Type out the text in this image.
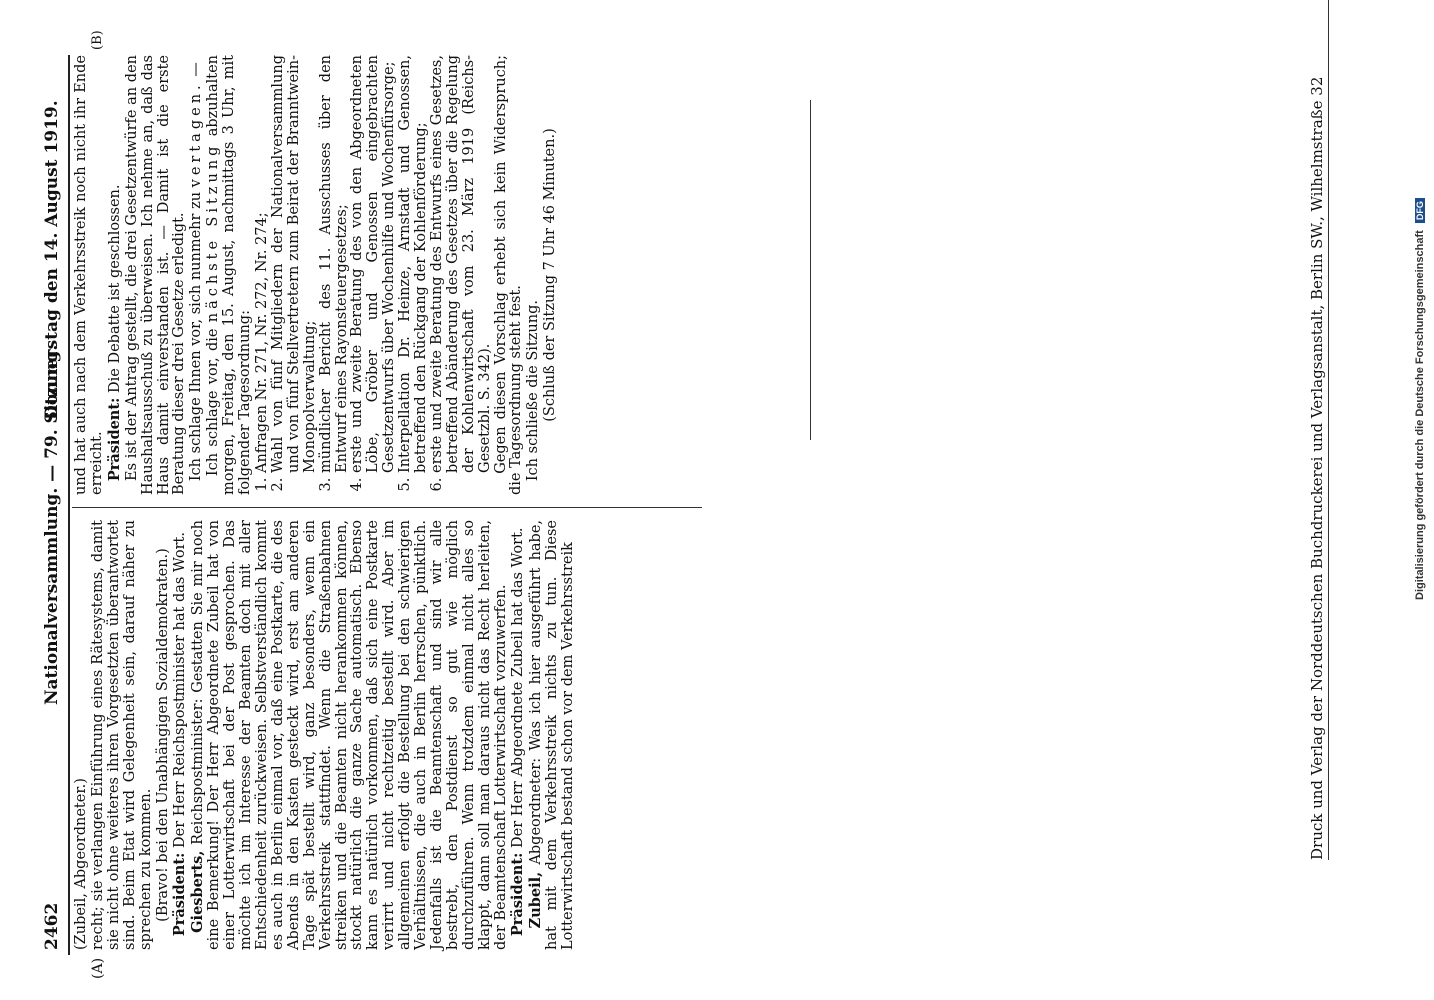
2462
Nationalversammlung. — 79. Sitzung.
Donnerstag den 14. August 1919.
(A)
(B)

(Zubeil, Abgeordneter.) recht; sie verlangen Einführung eines Rätesystems, damit sie nicht ohne weiteres ihren Vorgesetzten überantwortet sind. Beim Etat wird Gelegenheit sein, darauf näher zu sprechen zu kommen. (Bravo! bei den Unabhängigen Sozialdemokraten.) Präsident: Der Herr Reichspostminister hat das Wort.

Giesberts, Reichspostminister: Gestatten Sie mir noch eine Bemerkung! Der Herr Abgeordnete Zubeil hat von einer Lotterwirtschaft bei der Post gesprochen. Das möchte ich im Interesse der Beamten doch mit aller Entschiedenheit zurückweisen. Selbstverständlich kommt es auch in Berlin einmal vor, daß eine Postkarte, die des Abends in den Kasten gesteckt wird, erst am anderen Tage spät bestellt wird, ganz besonders, wenn ein Verkehrsstreik stattfindet. Wenn die Straßenbahnen streiken und die Beamten nicht herankommen können, stockt natürlich die ganze Sache automatisch. Ebenso kann es natürlich vorkommen, daß sich eine Postkarte verirrt und nicht rechtzeitig bestellt wird. Aber im allgemeinen erfolgt die Bestellung bei den schwierigen Verhältnissen, die auch in Berlin herrschen, pünktlich. Jedenfalls ist die Beamtenschaft und sind wir alle bestrebt, den Postdienst so gut wie möglich durchzuführen. Wenn trotzdem einmal nicht alles so klappt, dann soll man daraus nicht das Recht herleiten, der Beamtenschaft Lotterwirtschaft vorzuwerfen. Präsident: Der Herr Abgeordnete Zubeil hat das Wort.

Zubeil, Abgeordneter: Was ich hier ausgeführt habe, hat mit dem Verkehrsstreik nichts zu tun. Diese Lotterwirtschaft bestand schon vor dem Verkehrsstreik

und hat auch nach dem Verkehrsstreik noch nicht ihr Ende erreicht. Präsident: Die Debatte ist geschlossen. Es ist der Antrag gestellt, die drei Gesetzentwürfe an den Haushaltsausschuß zu überweisen. Ich nehme an, daß das Haus damit einverstanden ist. — Damit ist die erste Beratung dieser drei Gesetze erledigt. Ich schlage Ihnen vor, sich nunmehr zu vertagen. —

Ich schlage vor, die nächste Sitzung abzuhalten morgen, Freitag, den 15. August, nachmittags 3 Uhr, mit folgender Tagesordnung: 1. Anfragen Nr. 271, Nr. 272, Nr. 274; 2. Wahl von fünf Mitgliedern der Nationalversammlung und von fünf Stellvertretern zum Beirat der Branntwein-Monopolverwaltung; 3. mündlicher Bericht des 11. Ausschusses über den Entwurf eines Rayonsteuergesetzes; 4. erste und zweite Beratung des von den Abgeordneten Löbe, Gröber und Genossen eingebrachten Gesetzentwurfs über Wochenhilfe und Wochenfürsorge; 5. Interpellation Dr. Heinze, Arnstadt und Genossen, betreffend den Rückgang der Kohlenförderung; 6. erste und zweite Beratung des Entwurfs eines Gesetzes, betreffend Abänderung des Gesetzes über die Regelung der Kohlenwirtschaft vom 23. März 1919 (Reichs-Gesetzbl. S. 342). Gegen diesen Vorschlag erhebt sich kein Widerspruch; die Tagesordnung steht fest. Ich schließe die Sitzung. (Schluß der Sitzung 7 Uhr 46 Minuten.)	Druck und Verlag der Norddeutschen Buchdruckerei und Verlagsanstalt, Berlin SW., Wilhelmstraße 32	Digitalisierung gefördert durch die Deutsche Forschungsgemeinschaft DFG
